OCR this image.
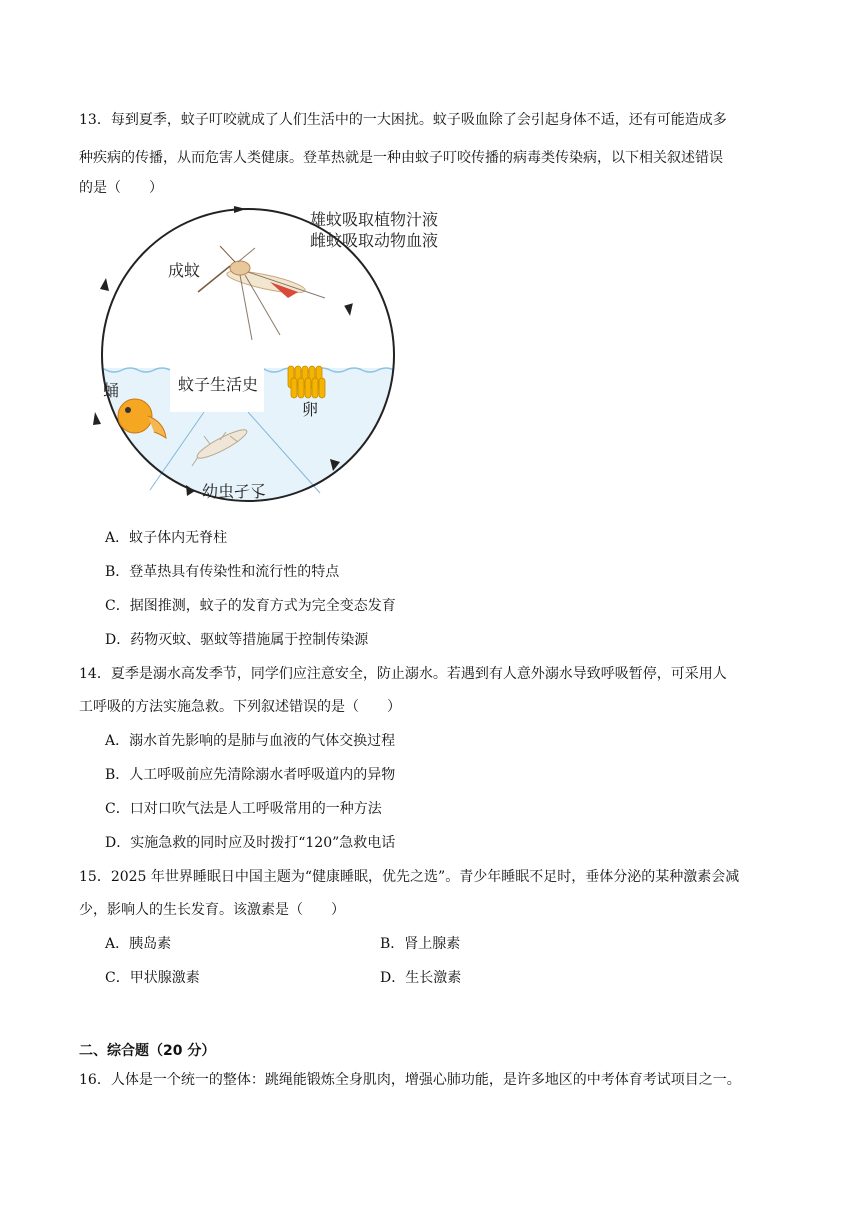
13．每到夏季，蚊子叮咬就成了人们生活中的一大困扰。蚊子吸血除了会引起身体不适，还有可能造成多
种疾病的传播，从而危害人类健康。登革热就是一种由蚊子叮咬传播的病毒类传染病，以下相关叙述错误
的是（　　）
雄蚊吸取植物汁液
雌蚊吸取动物血液
成蚊
蚊子生活史
蛹
卵
幼虫孑孓
A．蚊子体内无脊柱
B．登革热具有传染性和流行性的特点
C．据图推测，蚊子的发育方式为完全变态发育
D．药物灭蚊、驱蚊等措施属于控制传染源
14．夏季是溺水高发季节，同学们应注意安全，防止溺水。若遇到有人意外溺水导致呼吸暂停，可采用人
工呼吸的方法实施急救。下列叙述错误的是（　　）
A．溺水首先影响的是肺与血液的气体交换过程
B．人工呼吸前应先清除溺水者呼吸道内的异物
C．口对口吹气法是人工呼吸常用的一种方法
D．实施急救的同时应及时拨打“120”急救电话
15．2025 年世界睡眠日中国主题为“健康睡眠，优先之选”。青少年睡眠不足时，垂体分泌的某种激素会减
少，影响人的生长发育。该激素是（　　）
A．胰岛素	B．肾上腺素
C．甲状腺激素	D．生长激素
二、综合题（20 分）
16．人体是一个统一的整体：跳绳能锻炼全身肌肉，增强心肺功能，是许多地区的中考体育考试项目之一。
